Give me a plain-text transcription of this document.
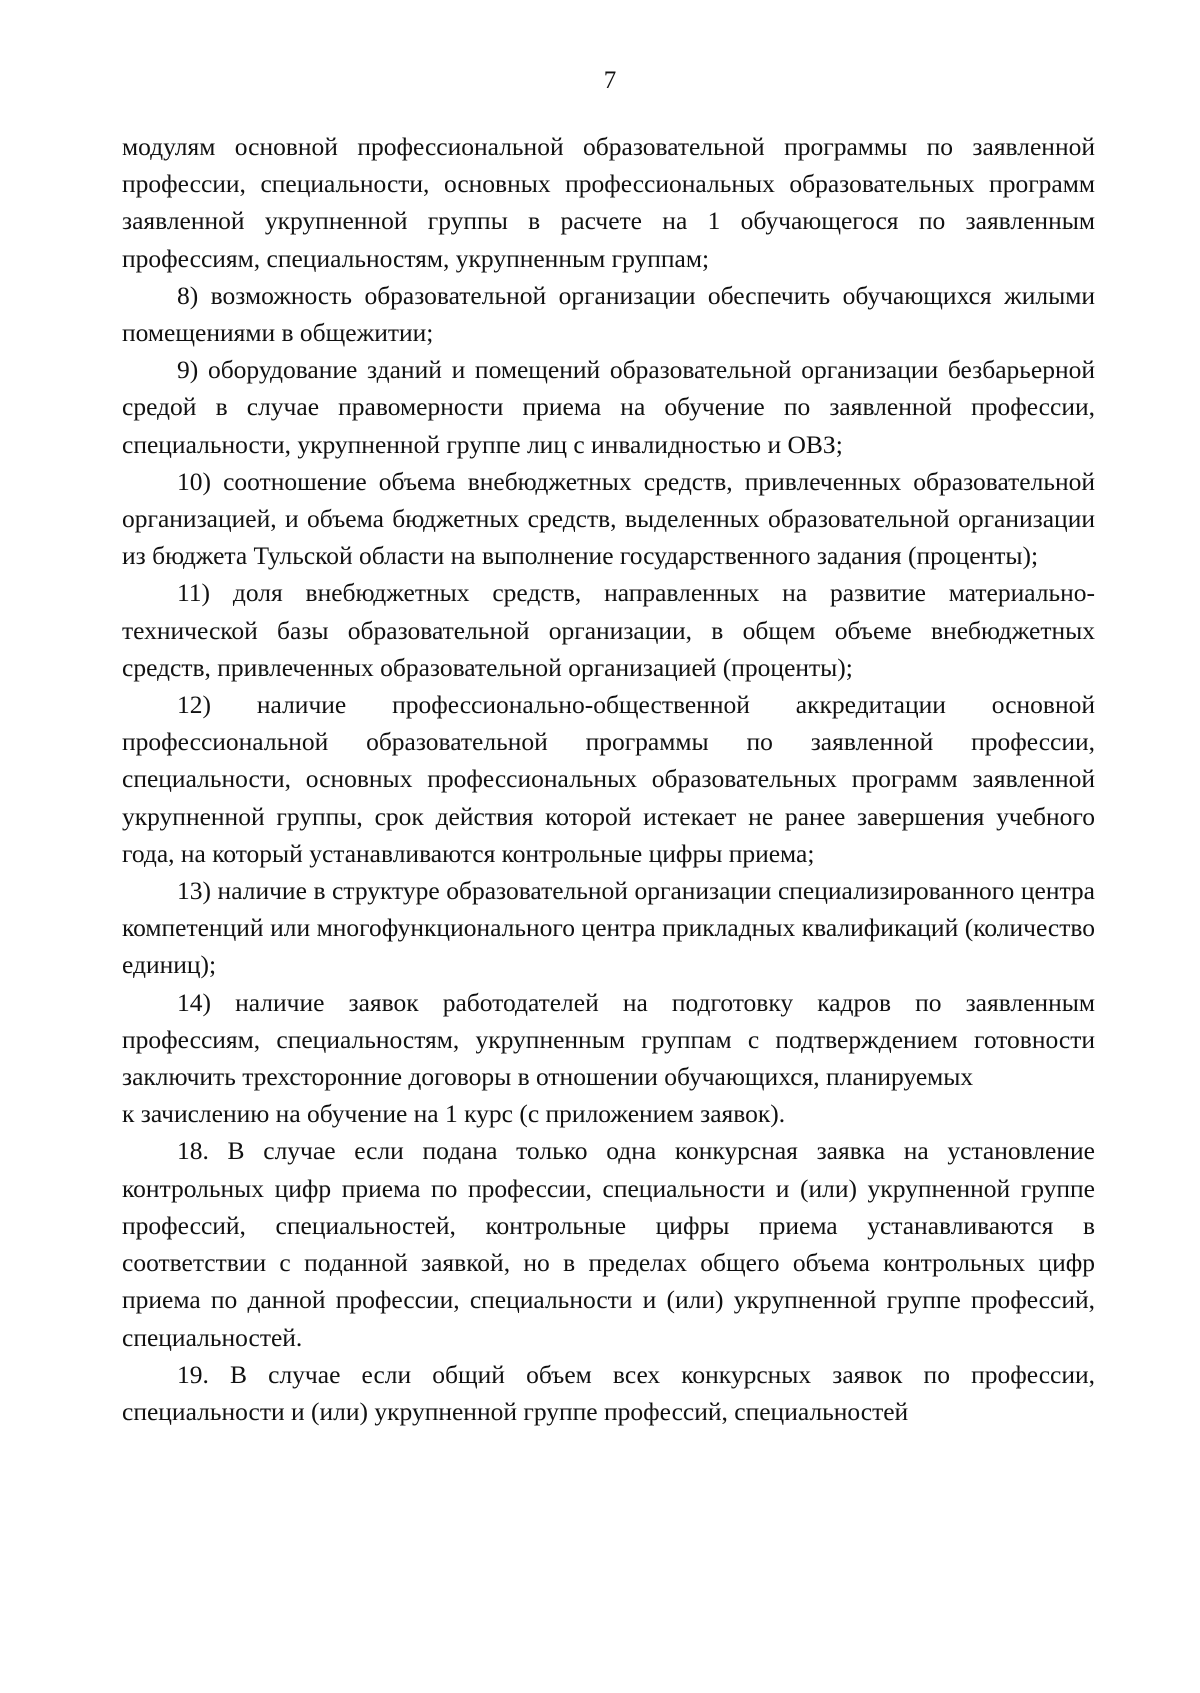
7

модулям основной профессиональной образовательной программы по заявленной профессии, специальности, основных профессиональных образовательных программ заявленной укрупненной группы в расчете на 1 обучающегося по заявленным профессиям, специальностям, укрупненным группам;

8) возможность образовательной организации обеспечить обучающихся жилыми помещениями в общежитии;

9) оборудование зданий и помещений образовательной организации безбарьерной средой в случае правомерности приема на обучение по заявленной профессии, специальности, укрупненной группе лиц с инвалидностью и ОВЗ;

10) соотношение объема внебюджетных средств, привлеченных образовательной организацией, и объема бюджетных средств, выделенных образовательной организации из бюджета Тульской области на выполнение государственного задания (проценты);

11) доля внебюджетных средств, направленных на развитие материально-технической базы образовательной организации, в общем объеме внебюджетных средств, привлеченных образовательной организацией (проценты);

12) наличие профессионально-общественной аккредитации основной профессиональной образовательной программы по заявленной профессии, специальности, основных профессиональных образовательных программ заявленной укрупненной группы, срок действия которой истекает не ранее завершения учебного года, на который устанавливаются контрольные цифры приема;

13) наличие в структуре образовательной организации специализированного центра компетенций или многофункционального центра прикладных квалификаций (количество единиц);

14) наличие заявок работодателей на подготовку кадров по заявленным профессиям, специальностям, укрупненным группам с подтверждением готовности заключить трехсторонние договоры в отношении обучающихся, планируемых

к зачислению на обучение на 1 курс (с приложением заявок).

18. В случае если подана только одна конкурсная заявка на установление контрольных цифр приема по профессии, специальности и (или) укрупненной группе профессий, специальностей, контрольные цифры приема устанавливаются в соответствии с поданной заявкой, но в пределах общего объема контрольных цифр приема по данной профессии, специальности и (или) укрупненной группе профессий, специальностей.

19. В случае если общий объем всех конкурсных заявок по профессии, специальности и (или) укрупненной группе профессий, специальностей
